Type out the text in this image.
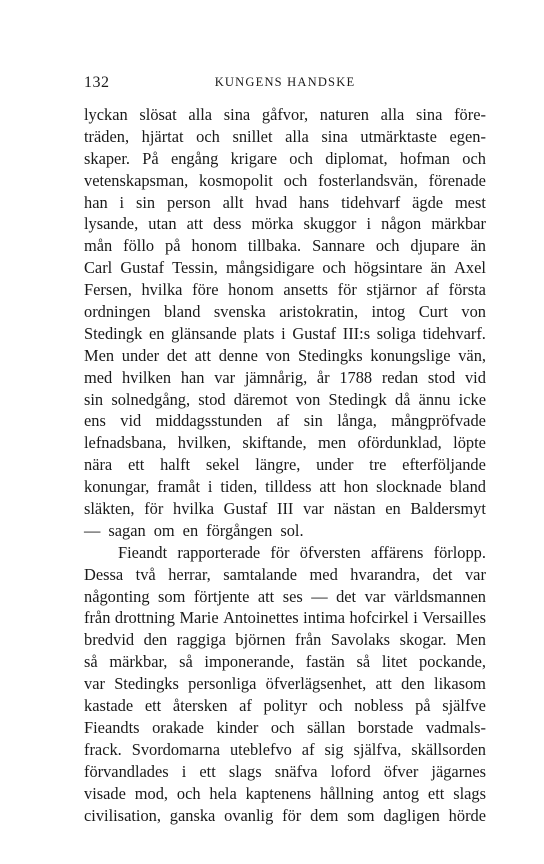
132	KUNGENS HANDSKE
lyckan slösat alla sina gåfvor, naturen alla sina före-
träden, hjärtat och snillet alla sina utmärktaste egen-
skaper. På engång krigare och diplomat, hofman och
vetenskapsman, kosmopolit och fosterlandsvän, förenade
han i sin person allt hvad hans tidehvarf ägde mest
lysande, utan att dess mörka skuggor i någon märkbar
mån föllo på honom tillbaka. Sannare och djupare än
Carl Gustaf Tessin, mångsidigare och högsintare än Axel
Fersen, hvilka före honom ansetts för stjärnor af första
ordningen bland svenska aristokratin, intog Curt von
Stedingk en glänsande plats i Gustaf III:s soliga tidehvarf.
Men under det att denne von Stedingks konungslige vän,
med hvilken han var jämnårig, år 1788 redan stod vid
sin solnedgång, stod däremot von Stedingk då ännu icke
ens vid middagsstunden af sin långa, mångpröfvade
lefnadsbana, hvilken, skiftande, men ofördunklad, löpte
nära ett halft sekel längre, under tre efterföljande
konungar, framåt i tiden, tilldess att hon slocknade bland
släkten, för hvilka Gustaf III var nästan en Baldersmyt
— sagan om en förgången sol.
Fieandt rapporterade för öfversten affärens förlopp.
Dessa två herrar, samtalande med hvarandra, det var
någonting som förtjente att ses — det var världsmannen
från drottning Marie Antoinettes intima hofcirkel i Versailles
bredvid den raggiga björnen från Savolaks skogar. Men
så märkbar, så imponerande, fastän så litet pockande,
var Stedingks personliga öfverlägsenhet, att den likasom
kastade ett återsken af polityr och nobless på själfve
Fieandts orakade kinder och sällan borstade vadmals-
frack. Svordomarna uteblefvo af sig själfva, skällsorden
förvandlades i ett slags snäfva loford öfver jägarnes
visade mod, och hela kaptenens hållning antog ett slags
civilisation, ganska ovanlig för dem som dagligen hörde
